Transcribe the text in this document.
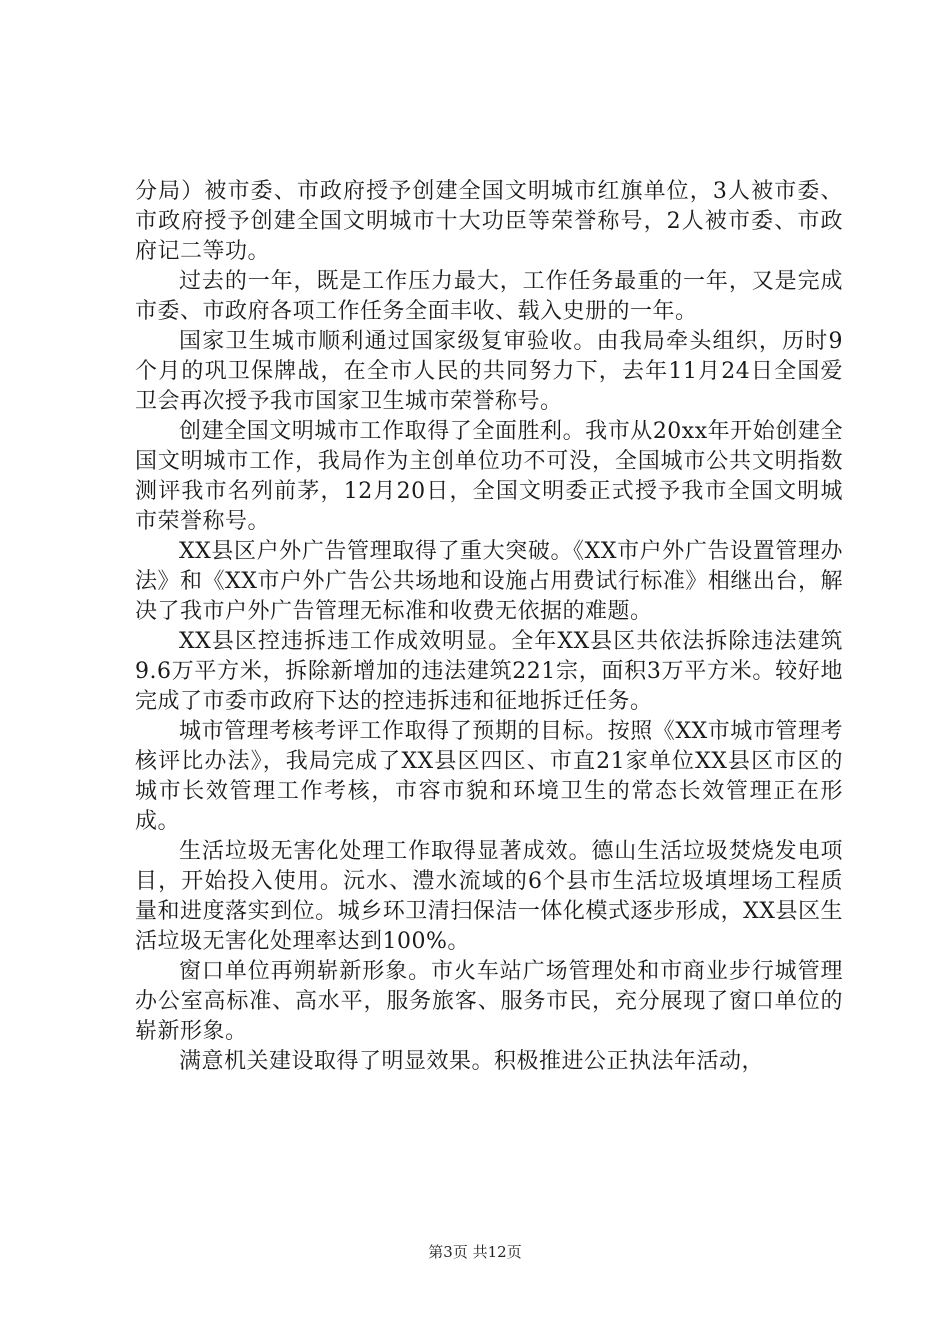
分局）被市委、市政府授予创建全国文明城市红旗单位，3人被市委、市政府授予创建全国文明城市十大功臣等荣誉称号，2人被市委、市政府记二等功。

过去的一年，既是工作压力最大，工作任务最重的一年，又是完成市委、市政府各项工作任务全面丰收、载入史册的一年。

国家卫生城市顺利通过国家级复审验收。由我局牵头组织，历时9个月的巩卫保牌战，在全市人民的共同努力下，去年11月24日全国爱卫会再次授予我市国家卫生城市荣誉称号。

创建全国文明城市工作取得了全面胜利。我市从20xx年开始创建全国文明城市工作，我局作为主创单位功不可没，全国城市公共文明指数测评我市名列前茅，12月20日，全国文明委正式授予我市全国文明城市荣誉称号。

XX县区户外广告管理取得了重大突破。《XX市户外广告设置管理办法》和《XX市户外广告公共场地和设施占用费试行标准》相继出台，解决了我市户外广告管理无标准和收费无依据的难题。

XX县区控违拆违工作成效明显。全年XX县区共依法拆除违法建筑9.6万平方米，拆除新增加的违法建筑221宗，面积3万平方米。较好地完成了市委市政府下达的控违拆违和征地拆迁任务。

城市管理考核考评工作取得了预期的目标。按照《XX市城市管理考核评比办法》，我局完成了XX县区四区、市直21家单位XX县区市区的城市长效管理工作考核，市容市貌和环境卫生的常态长效管理正在形成。

生活垃圾无害化处理工作取得显著成效。德山生活垃圾焚烧发电项目，开始投入使用。沅水、澧水流域的6个县市生活垃圾填埋场工程质量和进度落实到位。城乡环卫清扫保洁一体化模式逐步形成，XX县区生活垃圾无害化处理率达到100%。

窗口单位再朔崭新形象。市火车站广场管理处和市商业步行城管理办公室高标准、高水平，服务旅客、服务市民，充分展现了窗口单位的崭新形象。

满意机关建设取得了明显效果。积极推进公正执法年活动，

第3页 共12页
